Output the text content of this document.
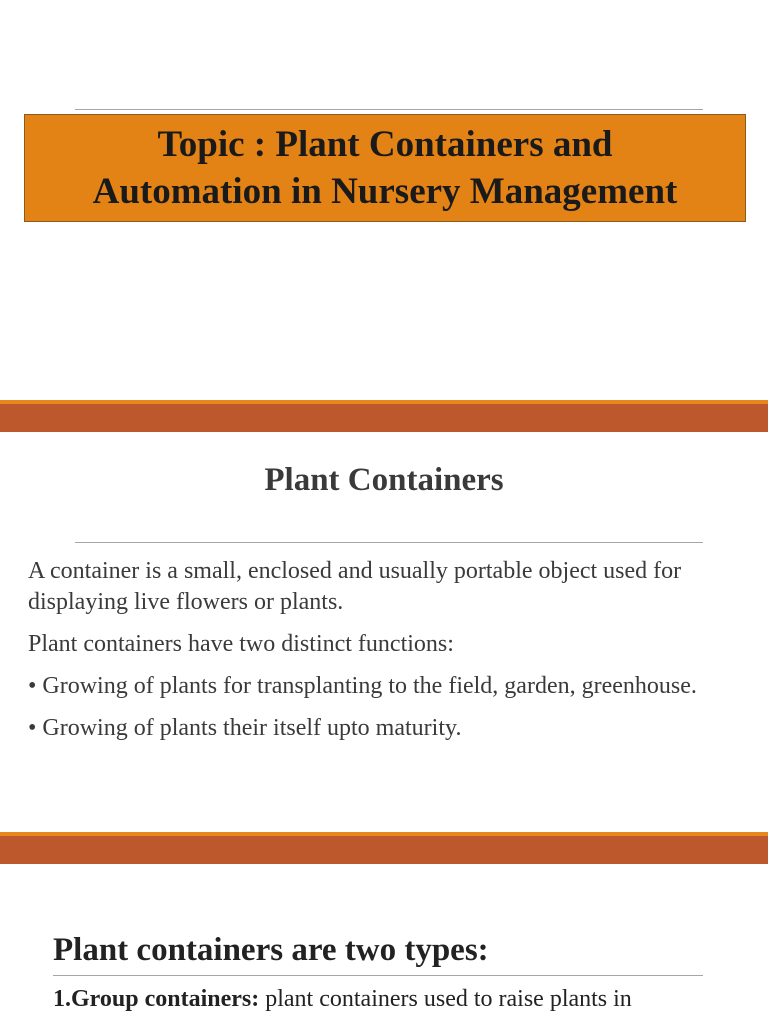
Topic : Plant Containers and
Automation in Nursery Management
Plant Containers

A container is a small, enclosed and usually portable object used for displaying live flowers or plants.

Plant containers have two distinct functions:

• Growing of plants for transplanting to the field, garden, greenhouse.

• Growing of plants their itself upto maturity.

Plant containers are two types:
1.Group containers: plant containers used to raise plants in
